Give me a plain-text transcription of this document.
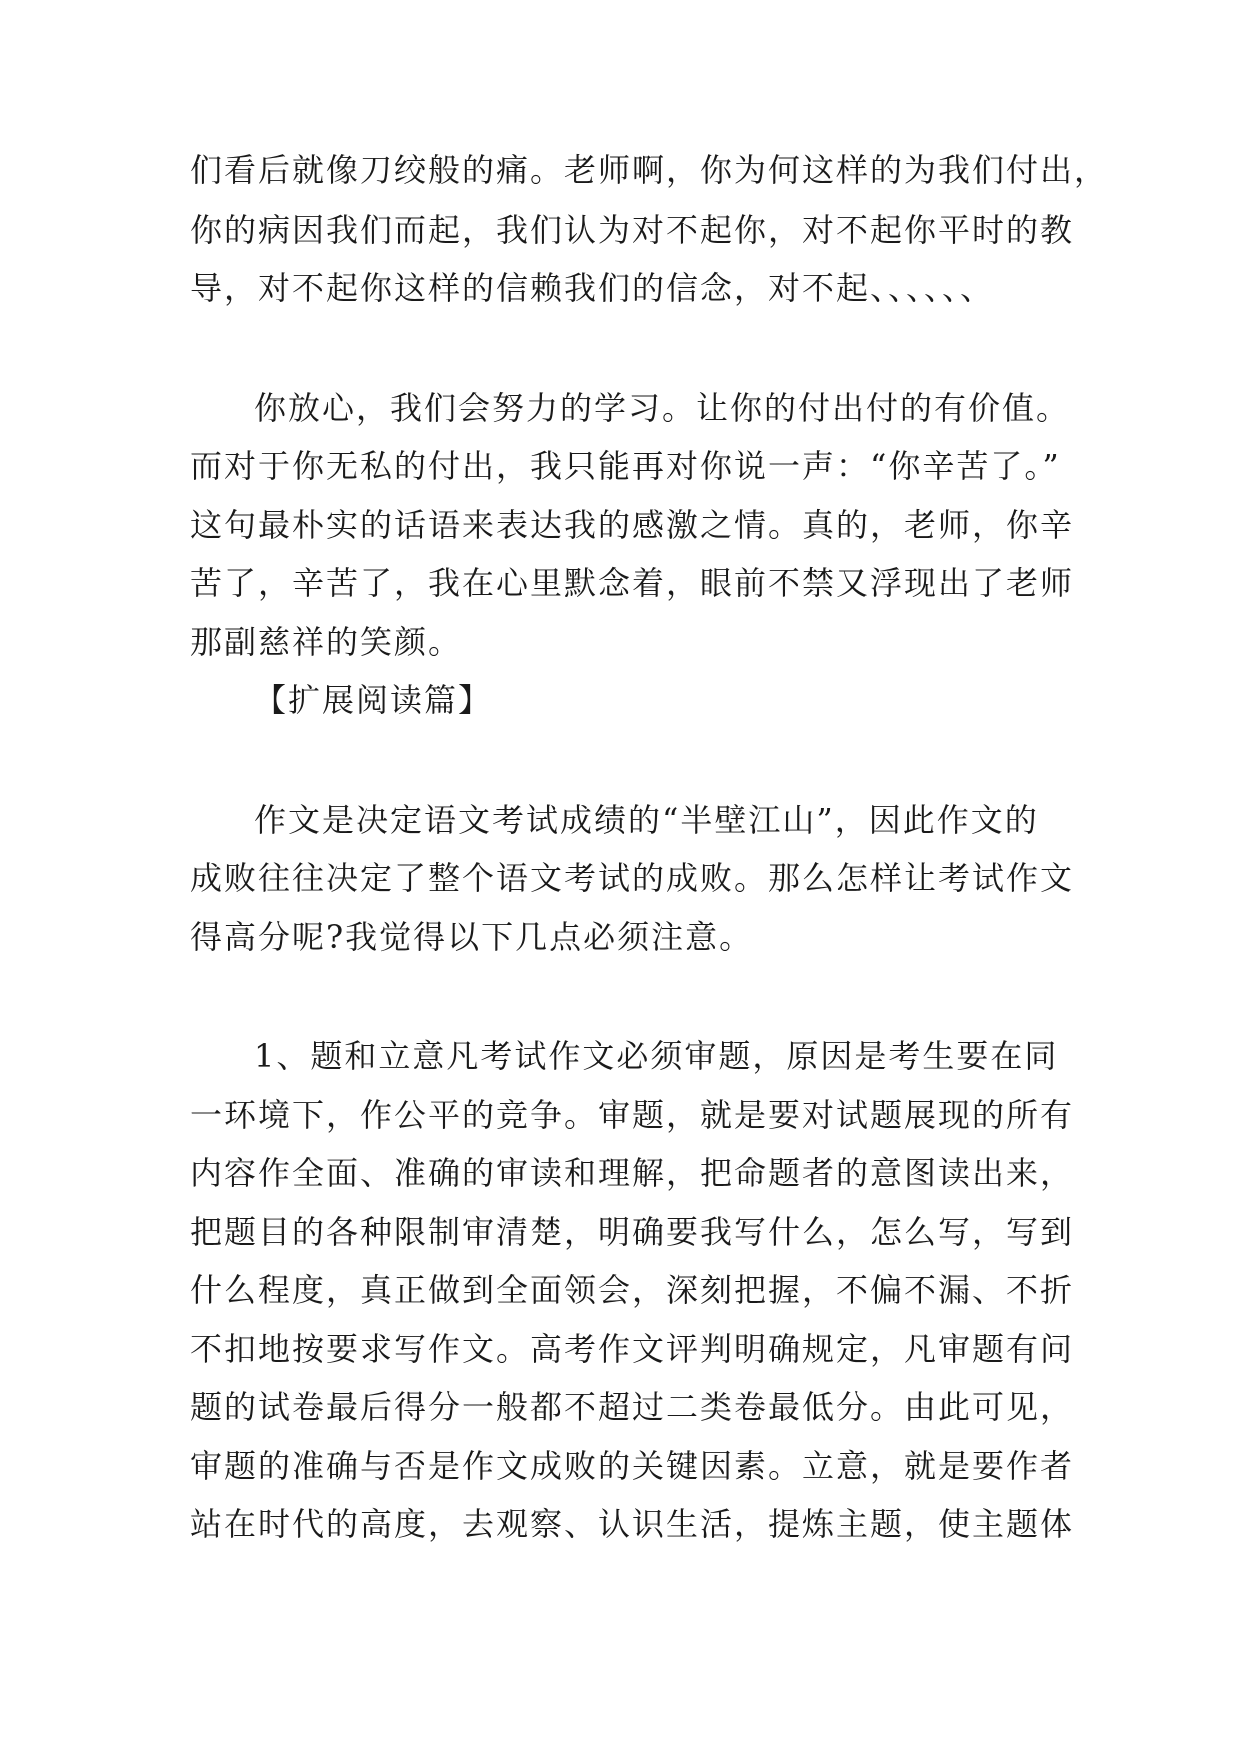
们看后就像刀绞般的痛。老师啊，你为何这样的为我们付出，
你的病因我们而起，我们认为对不起你，对不起你平时的教
导，对不起你这样的信赖我们的信念，对不起、、、、、、
你放心，我们会努力的学习。让你的付出付的有价值。
而对于你无私的付出，我只能再对你说一声：“你辛苦了。”
这句最朴实的话语来表达我的感激之情。真的，老师，你辛
苦了，辛苦了，我在心里默念着，眼前不禁又浮现出了老师
那副慈祥的笑颜。
【扩展阅读篇】
作文是决定语文考试成绩的“半壁江山”，因此作文的
成败往往决定了整个语文考试的成败。那么怎样让考试作文
得高分呢?我觉得以下几点必须注意。
1、题和立意凡考试作文必须审题，原因是考生要在同
一环境下，作公平的竞争。审题，就是要对试题展现的所有
内容作全面、准确的审读和理解，把命题者的意图读出来，
把题目的各种限制审清楚，明确要我写什么，怎么写，写到
什么程度，真正做到全面领会，深刻把握，不偏不漏、不折
不扣地按要求写作文。高考作文评判明确规定，凡审题有问
题的试卷最后得分一般都不超过二类卷最低分。由此可见，
审题的准确与否是作文成败的关键因素。立意，就是要作者
站在时代的高度，去观察、认识生活，提炼主题，使主题体
